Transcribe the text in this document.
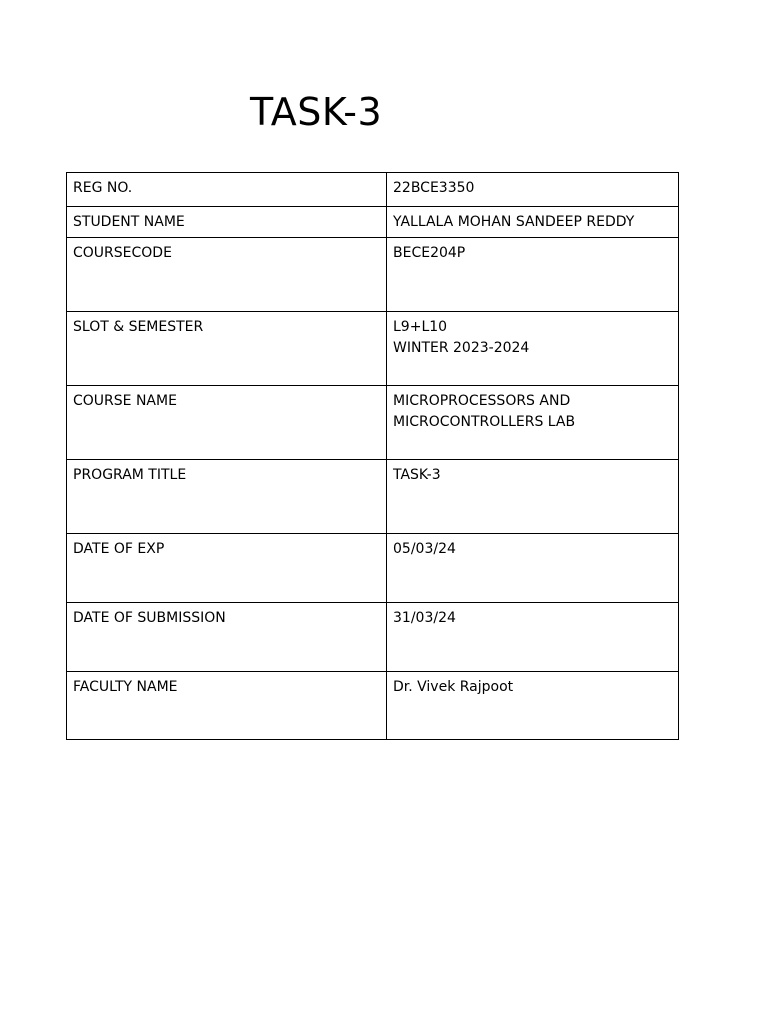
TASK-3
REG NO.	22BCE3350

STUDENT NAME	YALLALA MOHAN SANDEEP REDDY

COURSECODE	BECE204P

SLOT & SEMESTER	L9+L10
WINTER 2023-2024

COURSE NAME	MICROPROCESSORS AND
MICROCONTROLLERS LAB

PROGRAM TITLE	TASK-3

DATE OF EXP	05/03/24

DATE OF SUBMISSION	31/03/24

FACULTY NAME	Dr. Vivek Rajpoot
